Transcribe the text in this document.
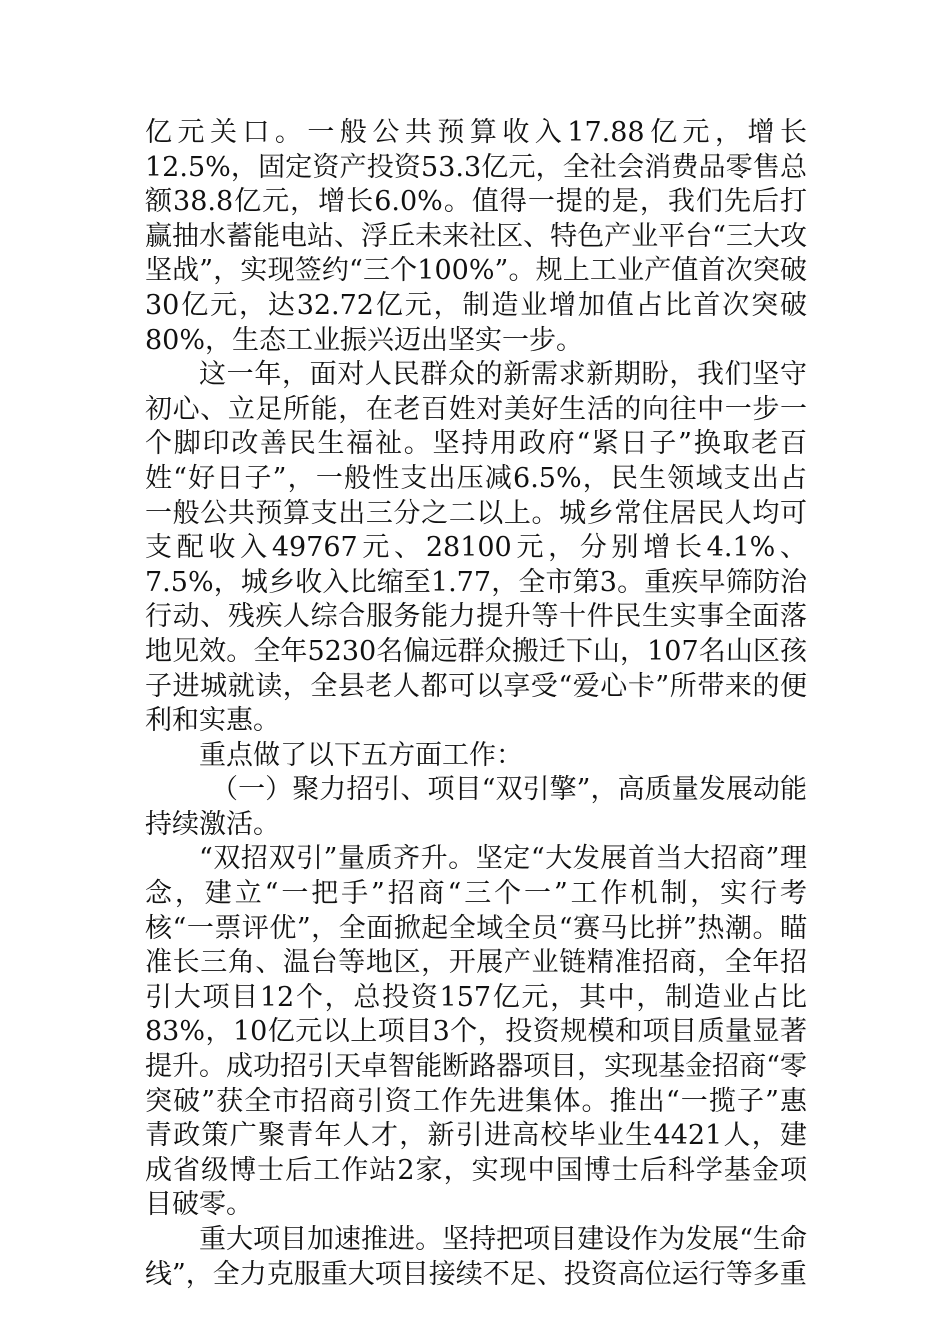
亿元关口。一般公共预算收入17.88亿元，增长12.5%，固定资产投资53.3亿元，全社会消费品零售总额38.8亿元，增长6.0%。值得一提的是，我们先后打赢抽水蓄能电站、浮丘未来社区、特色产业平台“三大攻坚战”，实现签约“三个100%”。规上工业产值首次突破30亿元，达32.72亿元，制造业增加值占比首次突破80%，生态工业振兴迈出坚实一步。

这一年，面对人民群众的新需求新期盼，我们坚守初心、立足所能，在老百姓对美好生活的向往中一步一个脚印改善民生福祉。坚持用政府“紧日子”换取老百姓“好日子”，一般性支出压减6.5%，民生领域支出占一般公共预算支出三分之二以上。城乡常住居民人均可支配收入49767元、28100元，分别增长4.1%、7.5%，城乡收入比缩至1.77，全市第3。重疾早筛防治行动、残疾人综合服务能力提升等十件民生实事全面落地见效。全年5230名偏远群众搬迁下山，107名山区孩子进城就读，全县老人都可以享受“爱心卡”所带来的便利和实惠。

重点做了以下五方面工作：

（一）聚力招引、项目“双引擎”，高质量发展动能持续激活。

“双招双引”量质齐升。坚定“大发展首当大招商”理念，建立“一把手”招商“三个一”工作机制，实行考核“一票评优”，全面掀起全域全员“赛马比拼”热潮。瞄准长三角、温台等地区，开展产业链精准招商，全年招引大项目12个，总投资157亿元，其中，制造业占比83%，10亿元以上项目3个，投资规模和项目质量显著提升。成功招引天卓智能断路器项目，实现基金招商“零突破”获全市招商引资工作先进集体。推出“一揽子”惠青政策广聚青年人才，新引进高校毕业生4421人，建成省级博士后工作站2家，实现中国博士后科学基金项目破零。

重大项目加速推进。坚持把项目建设作为发展“生命线”，全力克服重大项目接续不足、投资高位运行等多重
